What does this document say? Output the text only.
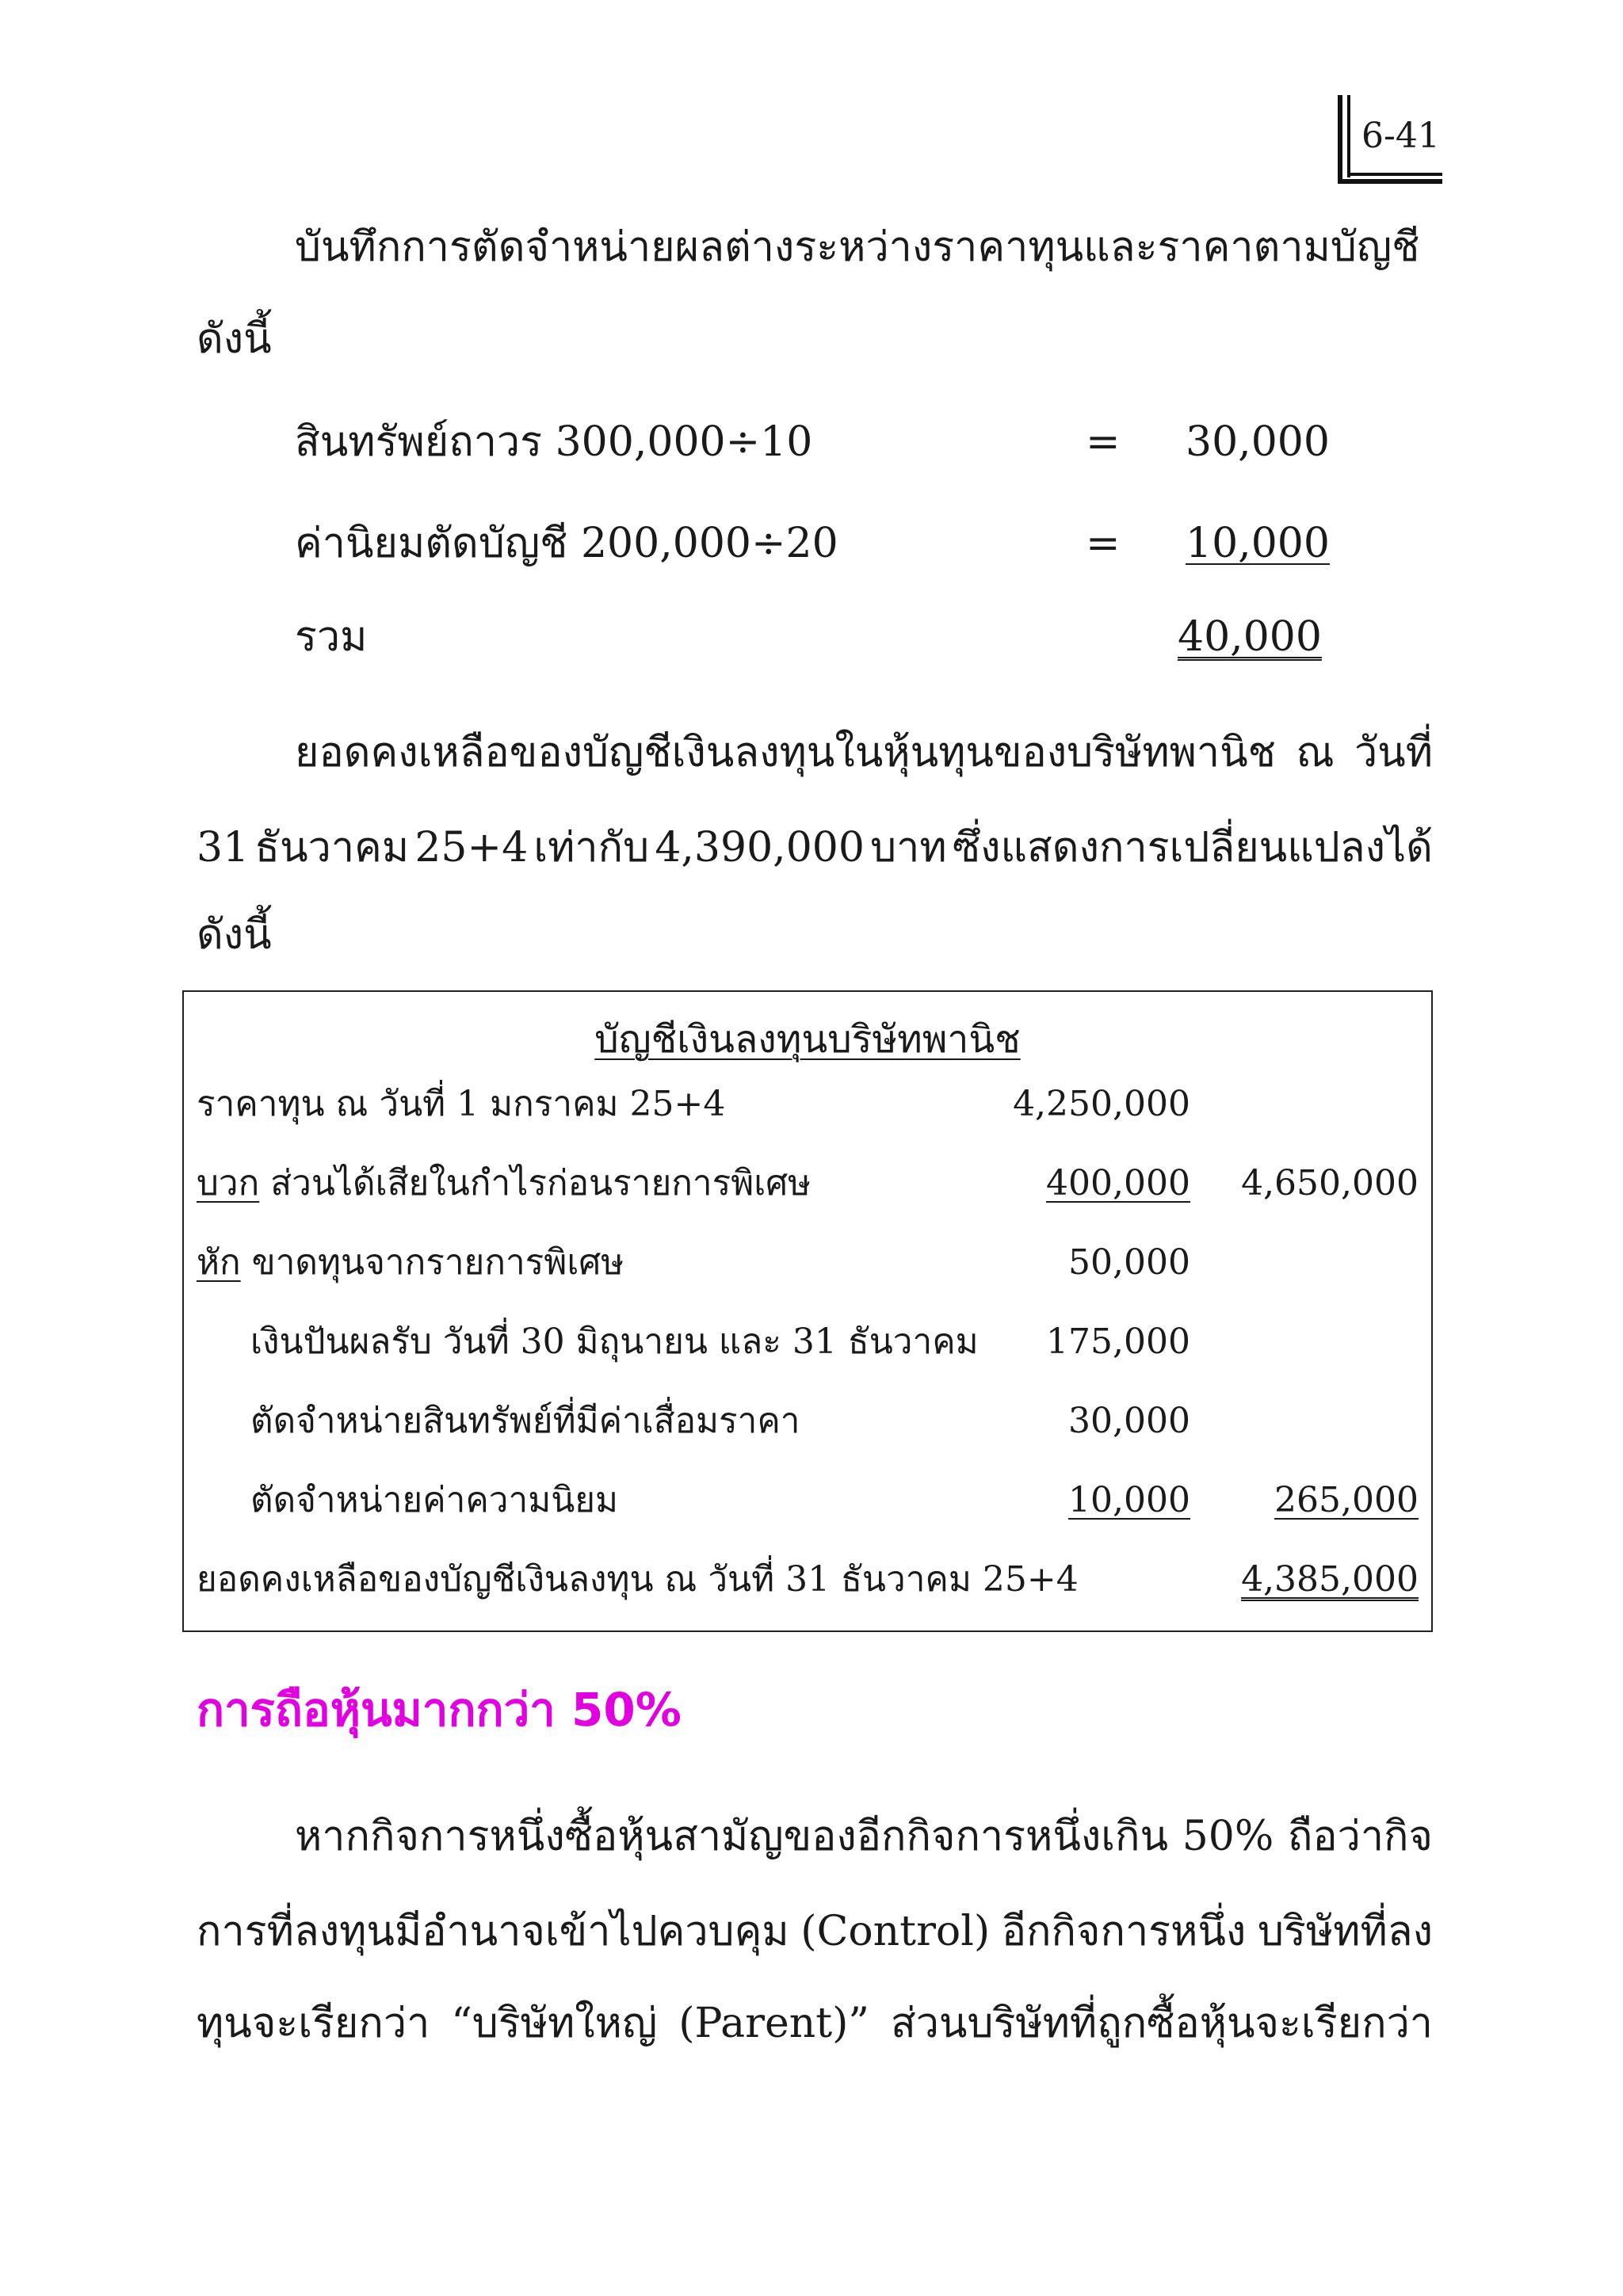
6-41
บันทึกการตัดจำหน่ายผลต่างระหว่างราคาทุนและราคาตามบัญชี
ดังนี้
สินทรัพย์ถาวร 300,000÷10	= 30,000
ค่านิยมตัดบัญชี 200,000÷20	= 10,000
รวม	40,000
ยอดคงเหลือของบัญชีเงินลงทุนในหุ้นทุนของบริษัทพานิช ณ วันที่
31 ธันวาคม 25+4 เท่ากับ 4,390,000 บาท ซึ่งแสดงการเปลี่ยนแปลงได้
ดังนี้
บัญชีเงินลงทุนบริษัทพานิช
ราคาทุน ณ วันที่ 1 มกราคม 25+4	4,250,000
บวก ส่วนได้เสียในกำไรก่อนรายการพิเศษ	400,000 4,650,000
หัก ขาดทุนจากรายการพิเศษ	50,000
เงินปันผลรับ วันที่ 30 มิถุนายน และ 31 ธันวาคม 175,000
ตัดจำหน่ายสินทรัพย์ที่มีค่าเสื่อมราคา	30,000
ตัดจำหน่ายค่าความนิยม	10,000 265,000
ยอดคงเหลือของบัญชีเงินลงทุน ณ วันที่ 31 ธันวาคม 25+4	4,385,000
การถือหุ้นมากกว่า 50%
หากกิจการหนึ่งซื้อหุ้นสามัญของอีกกิจการหนึ่งเกิน 50% ถือว่ากิจ
การที่ลงทุนมีอำนาจเข้าไปควบคุม (Control) อีกกิจการหนึ่ง บริษัทที่ลง
ทุนจะเรียกว่า “บริษัทใหญ่ (Parent)” ส่วนบริษัทที่ถูกซื้อหุ้นจะเรียกว่า
